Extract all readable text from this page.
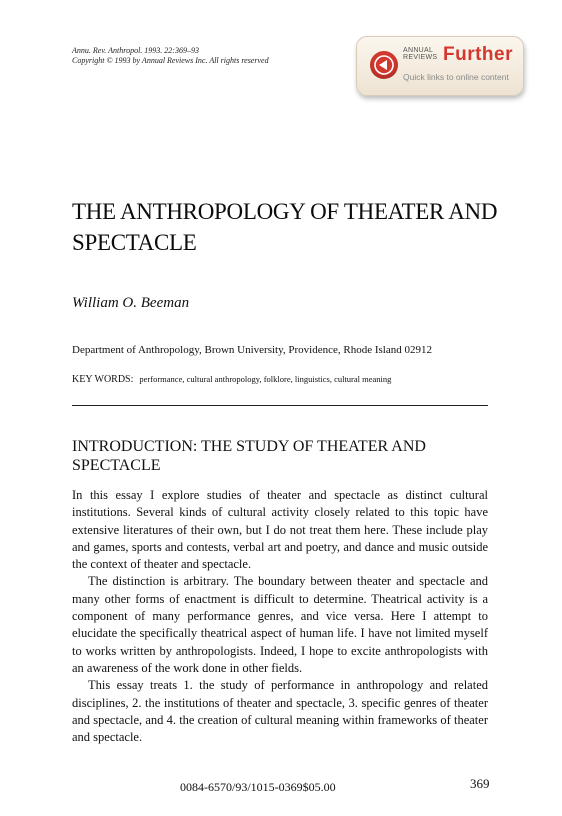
Annu. Rev. Anthropol. 1993. 22:369–93
Copyright © 1993 by Annual Reviews Inc. All rights reserved
ANNUAL
REVIEWS Further
Quick links to online content
THE ANTHROPOLOGY OF THEATER AND SPECTACLE
William O. Beeman
Department of Anthropology, Brown University, Providence, Rhode Island 02912
KEY WORDS: performance, cultural anthropology, folklore, linguistics, cultural meaning
INTRODUCTION: THE STUDY OF THEATER AND SPECTACLE

In this essay I explore studies of theater and spectacle as distinct cultural institutions. Several kinds of cultural activity closely related to this topic have extensive literatures of their own, but I do not treat them here. These include play and games, sports and contests, verbal art and poetry, and dance and music outside the context of theater and spectacle.

The distinction is arbitrary. The boundary between theater and spectacle and many other forms of enactment is difficult to determine. Theatrical activity is a component of many performance genres, and vice versa. Here I attempt to elucidate the specifically theatrical aspect of human life. I have not limited myself to works written by anthropologists. Indeed, I hope to excite anthropologists with an awareness of the work done in other fields.

This essay treats 1. the study of performance in anthropology and related disciplines, 2. the institutions of theater and spectacle, 3. specific genres of theater and spectacle, and 4. the creation of cultural meaning within frameworks of theater and spectacle.

0084-6570/93/1015-0369$05.00	369
